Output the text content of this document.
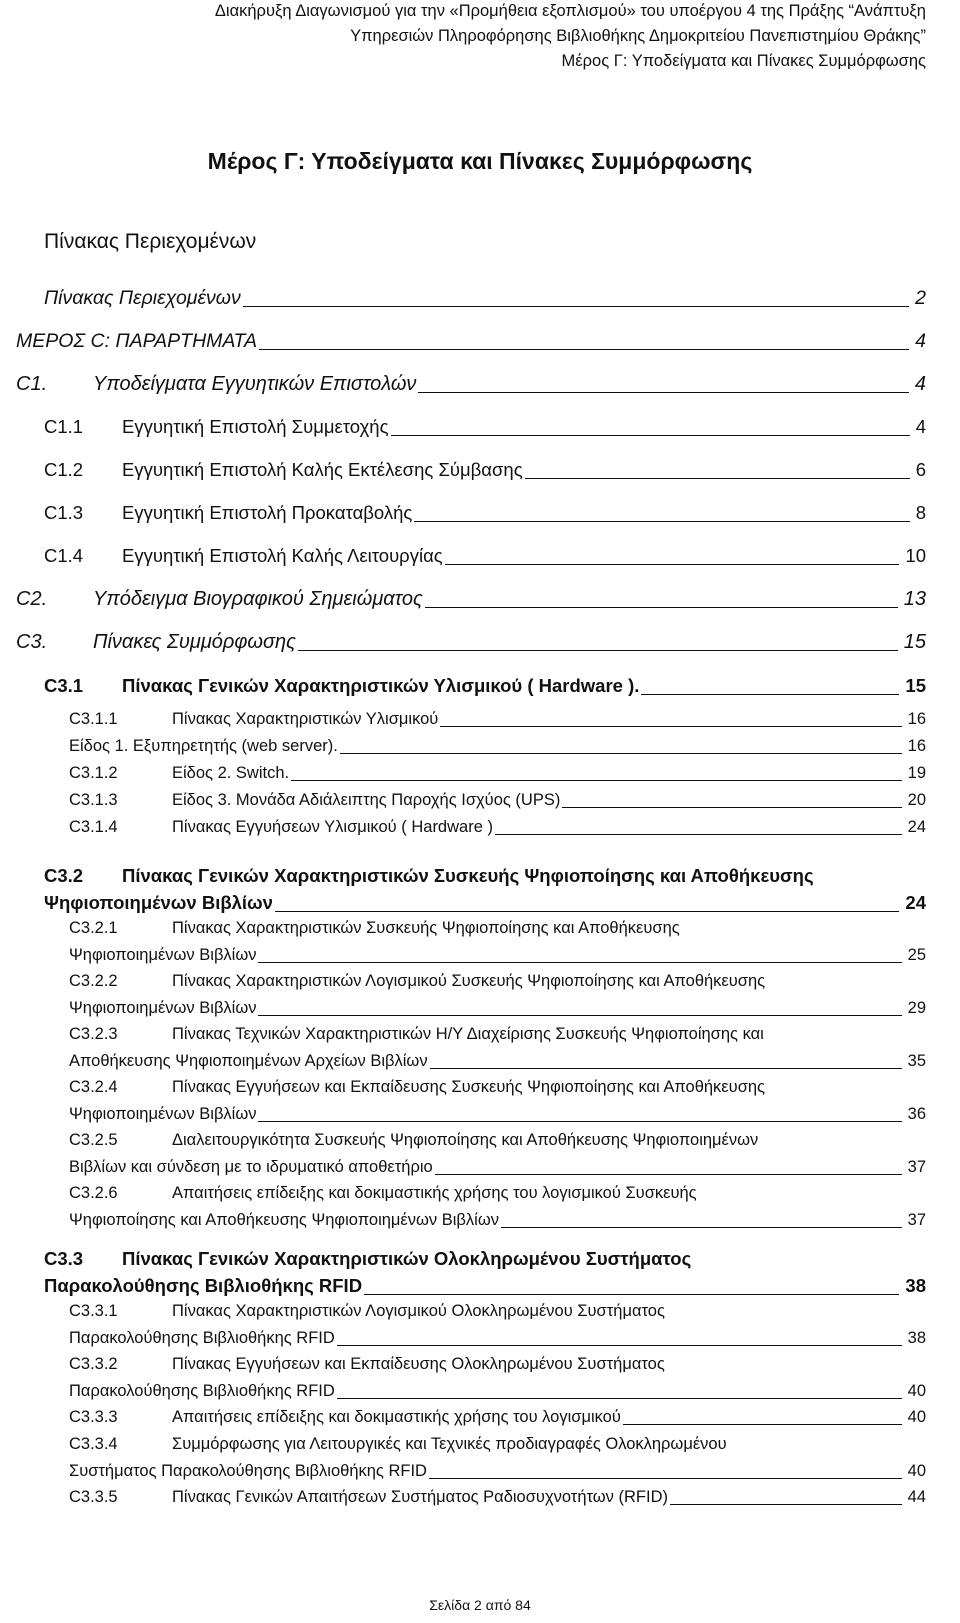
Διακήρυξη Διαγωνισμού για την «Προμήθεια εξοπλισμού» του υποέργου 4 της Πράξης “Ανάπτυξη
Υπηρεσιών Πληροφόρησης Βιβλιοθήκης Δημοκριτείου Πανεπιστημίου Θράκης”
Μέρος Γ: Υποδείγματα και Πίνακες Συμμόρφωσης
Μέρος Γ: Υποδείγματα και Πίνακες Συμμόρφωσης
Πίνακας Περιεχομένων
Πίνακας Περιεχομένων	2
ΜΕΡΟΣ C: ΠΑΡΑΡΤΗΜΑΤΑ	4
C1.	Υποδείγματα Εγγυητικών Επιστολών	4
C1.1	Εγγυητική Επιστολή Συμμετοχής	4
C1.2	Εγγυητική Επιστολή Καλής Εκτέλεσης Σύμβασης	6
C1.3	Εγγυητική Επιστολή Προκαταβολής	8
C1.4	Εγγυητική Επιστολή Καλής Λειτουργίας	10
C2.	Υπόδειγμα Βιογραφικού Σημειώματος	13
C3.	Πίνακες Συμμόρφωσης	15
C3.1	Πίνακας Γενικών Χαρακτηριστικών Υλισμικού ( Hardware ).	15
C3.1.1	Πίνακας Χαρακτηριστικών Υλισμικού	16
Είδος 1. Εξυπηρετητής (web server).	16
C3.1.2	Είδος 2. Switch.	19
C3.1.3	Είδος 3. Μονάδα Αδιάλειπτης Παροχής Ισχύος (UPS)	20
C3.1.4	Πίνακας Εγγυήσεων Υλισμικού ( Hardware )	24
C3.2	Πίνακας Γενικών Χαρακτηριστικών Συσκευής Ψηφιοποίησης και Αποθήκευσης
Ψηφιοποιημένων Βιβλίων	24
C3.2.1	Πίνακας Χαρακτηριστικών Συσκευής Ψηφιοποίησης και Αποθήκευσης
Ψηφιοποιημένων Βιβλίων	25
C3.2.2	Πίνακας Χαρακτηριστικών Λογισμικού Συσκευής Ψηφιοποίησης και Αποθήκευσης
Ψηφιοποιημένων Βιβλίων	29
C3.2.3	Πίνακας Τεχνικών Χαρακτηριστικών Η/Υ Διαχείρισης Συσκευής Ψηφιοποίησης και
Αποθήκευσης Ψηφιοποιημένων Αρχείων Βιβλίων	35
C3.2.4	Πίνακας Εγγυήσεων και Εκπαίδευσης Συσκευής Ψηφιοποίησης και Αποθήκευσης
Ψηφιοποιημένων Βιβλίων	36
C3.2.5	Διαλειτουργικότητα Συσκευής Ψηφιοποίησης και Αποθήκευσης Ψηφιοποιημένων
Βιβλίων και σύνδεση με το ιδρυματικό αποθετήριο	37
C3.2.6	Απαιτήσεις επίδειξης και δοκιμαστικής χρήσης του λογισμικού Συσκευής
Ψηφιοποίησης και Αποθήκευσης Ψηφιοποιημένων Βιβλίων	37
C3.3	Πίνακας Γενικών Χαρακτηριστικών Ολοκληρωμένου Συστήματος
Παρακολούθησης Βιβλιοθήκης RFID	38
C3.3.1	Πίνακας Χαρακτηριστικών Λογισμικού Ολοκληρωμένου Συστήματος
Παρακολούθησης Βιβλιοθήκης RFID	38
C3.3.2	Πίνακας Εγγυήσεων και Εκπαίδευσης Ολοκληρωμένου Συστήματος
Παρακολούθησης Βιβλιοθήκης RFID	40
C3.3.3	Απαιτήσεις επίδειξης και δοκιμαστικής χρήσης του λογισμικού	40
C3.3.4	Συμμόρφωσης για Λειτουργικές και Τεχνικές προδιαγραφές Ολοκληρωμένου
Συστήματος Παρακολούθησης Βιβλιοθήκης RFID	40
C3.3.5	Πίνακας Γενικών Απαιτήσεων Συστήματος Ραδιοσυχνοτήτων (RFID)	44
Σελίδα 2 από 84
